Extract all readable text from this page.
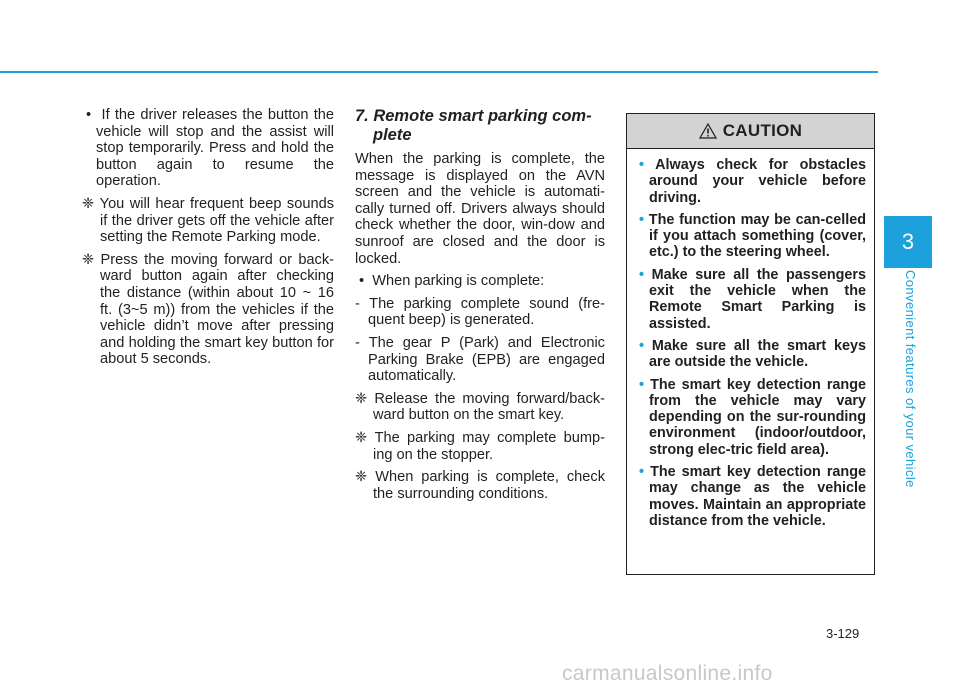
• If the driver releases the button the vehicle will stop and the assist will stop temporarily. Press and hold the button again to resume the operation.

❈ You will hear frequent beep sounds if the driver gets off the vehicle after setting the Remote Parking mode.

❈ Press the moving forward or back-ward button again after checking the distance (within about 10 ~ 16 ft. (3~5 m)) from the vehicles if the vehicle didn’t move after pressing and holding the smart key button for about 5 seconds.

7. Remote smart parking com-plete

When the parking is complete, the message is displayed on the AVN screen and the vehicle is automati-cally turned off. Drivers always should check whether the door, win-dow and sunroof are closed and the door is locked.

• When parking is complete:

- The parking complete sound (fre-quent beep) is generated.

- The gear P (Park) and Electronic Parking Brake (EPB) are engaged automatically.

❈ Release the moving forward/back-ward button on the smart key.

❈ The parking may complete bump-ing on the stopper.

❈ When parking is complete, check the surrounding conditions.

CAUTION
• Always check for obstacles around your vehicle before driving.
• The function may be can-celled if you attach something (cover, etc.) to the steering wheel.
• Make sure all the passengers exit the vehicle when the Remote Smart Parking is assisted.
• Make sure all the smart keys are outside the vehicle.
• The smart key detection range from the vehicle may vary depending on the sur-rounding environment (indoor/outdoor, strong elec-tric field area).
• The smart key detection range may change as the vehicle moves. Maintain an appropriate distance from the vehicle.
3
Convenient features of your vehicle
3-129
carmanualsonline.info
